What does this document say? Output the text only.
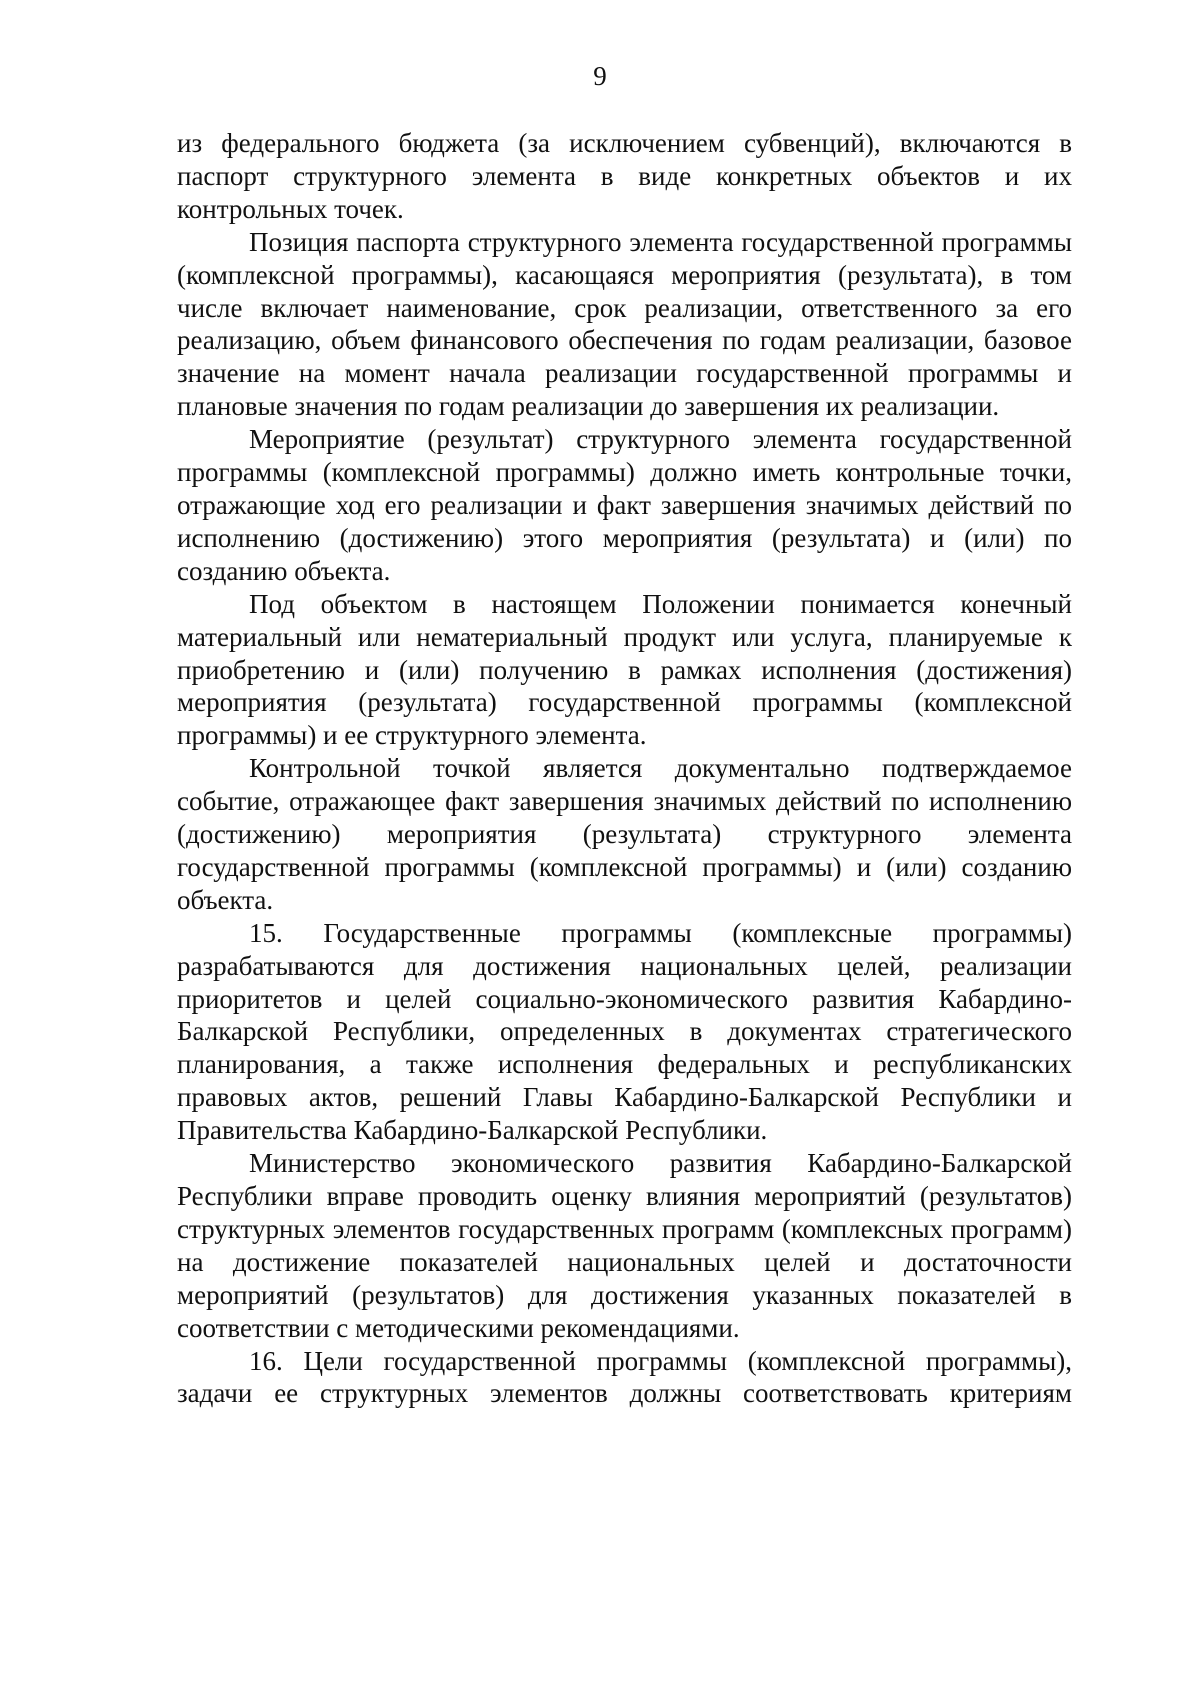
9

из федерального бюджета (за исключением субвенций), включаются в паспорт структурного элемента в виде конкретных объектов и их контрольных точек.

Позиция паспорта структурного элемента государственной программы (комплексной программы), касающаяся мероприятия (результата), в том числе включает наименование, срок реализации, ответственного за его реализацию, объем финансового обеспечения по годам реализации, базовое значение на момент начала реализации государственной программы и плановые значения по годам реализации до завершения их реализации.

Мероприятие (результат) структурного элемента государственной программы (комплексной программы) должно иметь контрольные точки, отражающие ход его реализации и факт завершения значимых действий по исполнению (достижению) этого мероприятия (результата) и (или) по созданию объекта.

Под объектом в настоящем Положении понимается конечный материальный или нематериальный продукт или услуга, планируемые к приобретению и (или) получению в рамках исполнения (достижения) мероприятия (результата) государственной программы (комплексной программы) и ее структурного элемента.

Контрольной точкой является документально подтверждаемое событие, отражающее факт завершения значимых действий по исполнению (достижению) мероприятия (результата) структурного элемента государственной программы (комплексной программы) и (или) созданию объекта.

15. Государственные программы (комплексные программы) разрабатываются для достижения национальных целей, реализации приоритетов и целей социально-экономического развития Кабардино-Балкарской Республики, определенных в документах стратегического планирования, а также исполнения федеральных и республиканских правовых актов, решений Главы Кабардино-Балкарской Республики и Правительства Кабардино-Балкарской Республики.

Министерство экономического развития Кабардино-Балкарской Республики вправе проводить оценку влияния мероприятий (результатов) структурных элементов государственных программ (комплексных программ) на достижение показателей национальных целей и достаточности мероприятий (результатов) для достижения указанных показателей в соответствии с методическими рекомендациями.

16. Цели государственной программы (комплексной программы), задачи ее структурных элементов должны соответствовать критериям
